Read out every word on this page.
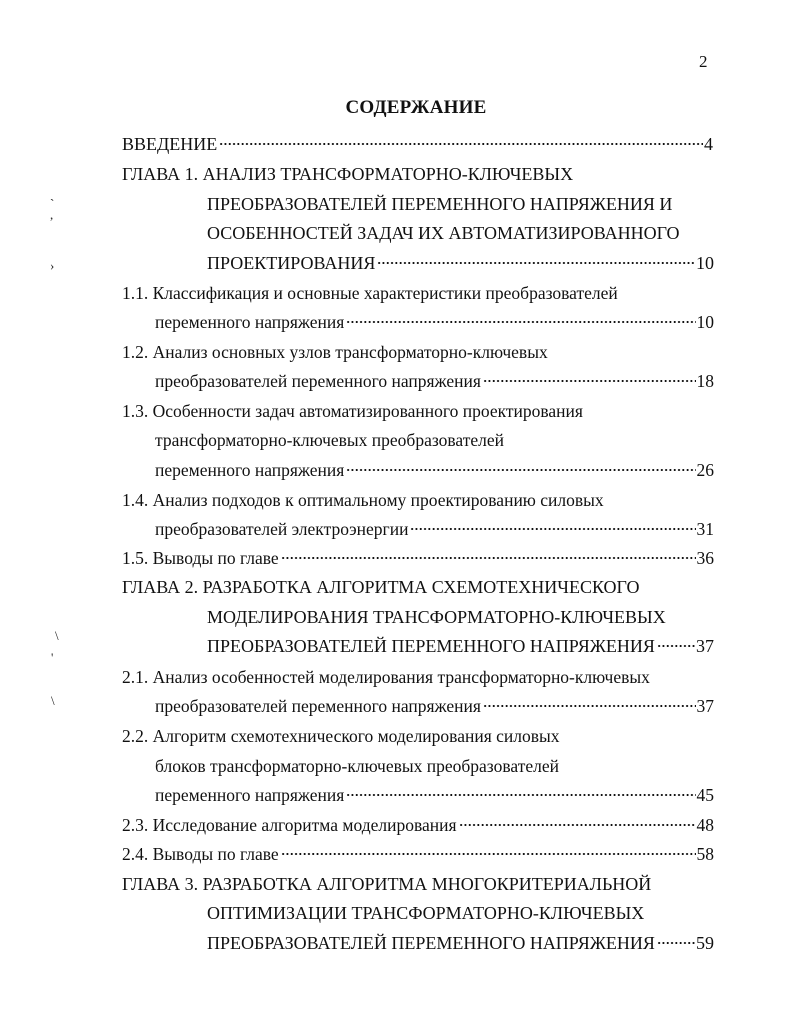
2
СОДЕРЖАНИЕ
ВВЕДЕНИЕ	4
ГЛАВА 1. АНАЛИЗ ТРАНСФОРМАТОРНО-КЛЮЧЕВЫХ
ПРЕОБРАЗОВАТЕЛЕЙ ПЕРЕМЕННОГО НАПРЯЖЕНИЯ И
ОСОБЕННОСТЕЙ ЗАДАЧ ИХ АВТОМАТИЗИРОВАННОГО
ПРОЕКТИРОВАНИЯ	10
1.1. Классификация и основные характеристики преобразователей
переменного напряжения	10
1.2. Анализ основных узлов трансформаторно-ключевых
преобразователей переменного напряжения	18
1.3. Особенности задач автоматизированного проектирования
трансформаторно-ключевых преобразователей
переменного напряжения	26
1.4. Анализ подходов к оптимальному проектированию силовых
преобразователей электроэнергии	31
1.5. Выводы по главе	36
ГЛАВА 2. РАЗРАБОТКА АЛГОРИТМА СХЕМОТЕХНИЧЕСКОГО
МОДЕЛИРОВАНИЯ ТРАНСФОРМАТОРНО-КЛЮЧЕВЫХ
ПРЕОБРАЗОВАТЕЛЕЙ ПЕРЕМЕННОГО НАПРЯЖЕНИЯ 37
2.1. Анализ особенностей моделирования трансформаторно-ключевых
преобразователей переменного напряжения	37
2.2. Алгоритм схемотехнического моделирования силовых
блоков трансформаторно-ключевых преобразователей
переменного напряжения	45
2.3. Исследование алгоритма моделирования	48
2.4. Выводы по главе	58
ГЛАВА 3. РАЗРАБОТКА АЛГОРИТМА МНОГОКРИТЕРИАЛЬНОЙ
ОПТИМИЗАЦИИ ТРАНСФОРМАТОРНО-КЛЮЧЕВЫХ
ПРЕОБРАЗОВАТЕЛЕЙ ПЕРЕМЕННОГО НАПРЯЖЕНИЯ 59
`
,
›
\
'
\
